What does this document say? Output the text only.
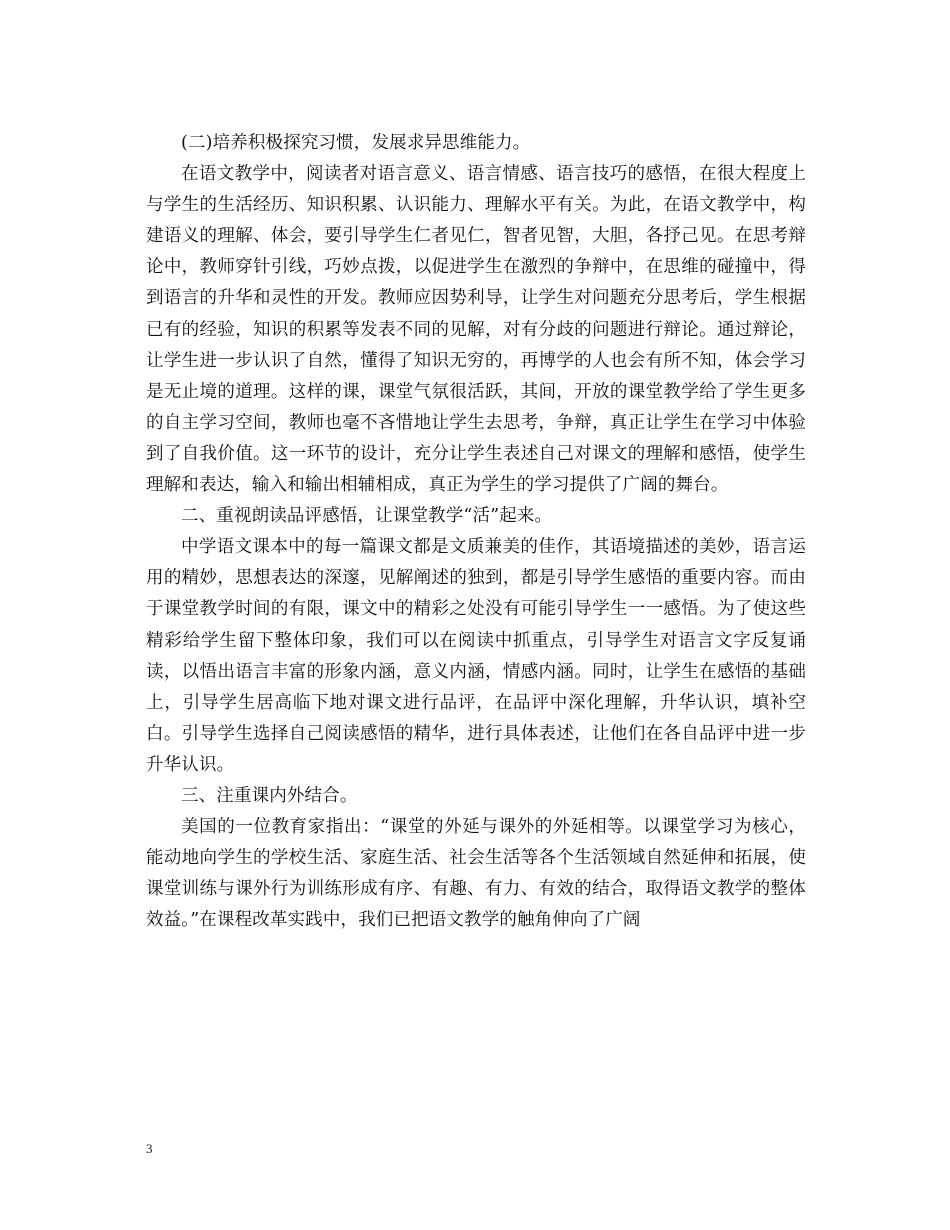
(二)培养积极探究习惯，发展求异思维能力。

在语文教学中，阅读者对语言意义、语言情感、语言技巧的感悟，在很大程度上与学生的生活经历、知识积累、认识能力、理解水平有关。为此，在语文教学中，构建语义的理解、体会，要引导学生仁者见仁，智者见智，大胆，各抒己见。在思考辩论中，教师穿针引线，巧妙点拨，以促进学生在激烈的争辩中，在思维的碰撞中，得到语言的升华和灵性的开发。教师应因势利导，让学生对问题充分思考后，学生根据已有的经验，知识的积累等发表不同的见解，对有分歧的问题进行辩论。通过辩论，让学生进一步认识了自然，懂得了知识无穷的，再博学的人也会有所不知，体会学习是无止境的道理。这样的课，课堂气氛很活跃，其间，开放的课堂教学给了学生更多的自主学习空间，教师也毫不吝惜地让学生去思考，争辩，真正让学生在学习中体验到了自我价值。这一环节的设计，充分让学生表述自己对课文的理解和感悟，使学生理解和表达，输入和输出相辅相成，真正为学生的学习提供了广阔的舞台。

二、重视朗读品评感悟，让课堂教学“活”起来。

中学语文课本中的每一篇课文都是文质兼美的佳作，其语境描述的美妙，语言运用的精妙，思想表达的深邃，见解阐述的独到，都是引导学生感悟的重要内容。而由于课堂教学时间的有限，课文中的精彩之处没有可能引导学生一一感悟。为了使这些精彩给学生留下整体印象，我们可以在阅读中抓重点，引导学生对语言文字反复诵读，以悟出语言丰富的形象内涵，意义内涵，情感内涵。同时，让学生在感悟的基础上，引导学生居高临下地对课文进行品评，在品评中深化理解，升华认识，填补空白。引导学生选择自己阅读感悟的精华，进行具体表述，让他们在各自品评中进一步升华认识。

三、注重课内外结合。

美国的一位教育家指出：“课堂的外延与课外的外延相等。以课堂学习为核心，能动地向学生的学校生活、家庭生活、社会生活等各个生活领域自然延伸和拓展，使课堂训练与课外行为训练形成有序、有趣、有力、有效的结合，取得语文教学的整体效益。”在课程改革实践中，我们已把语文教学的触角伸向了广阔

3
